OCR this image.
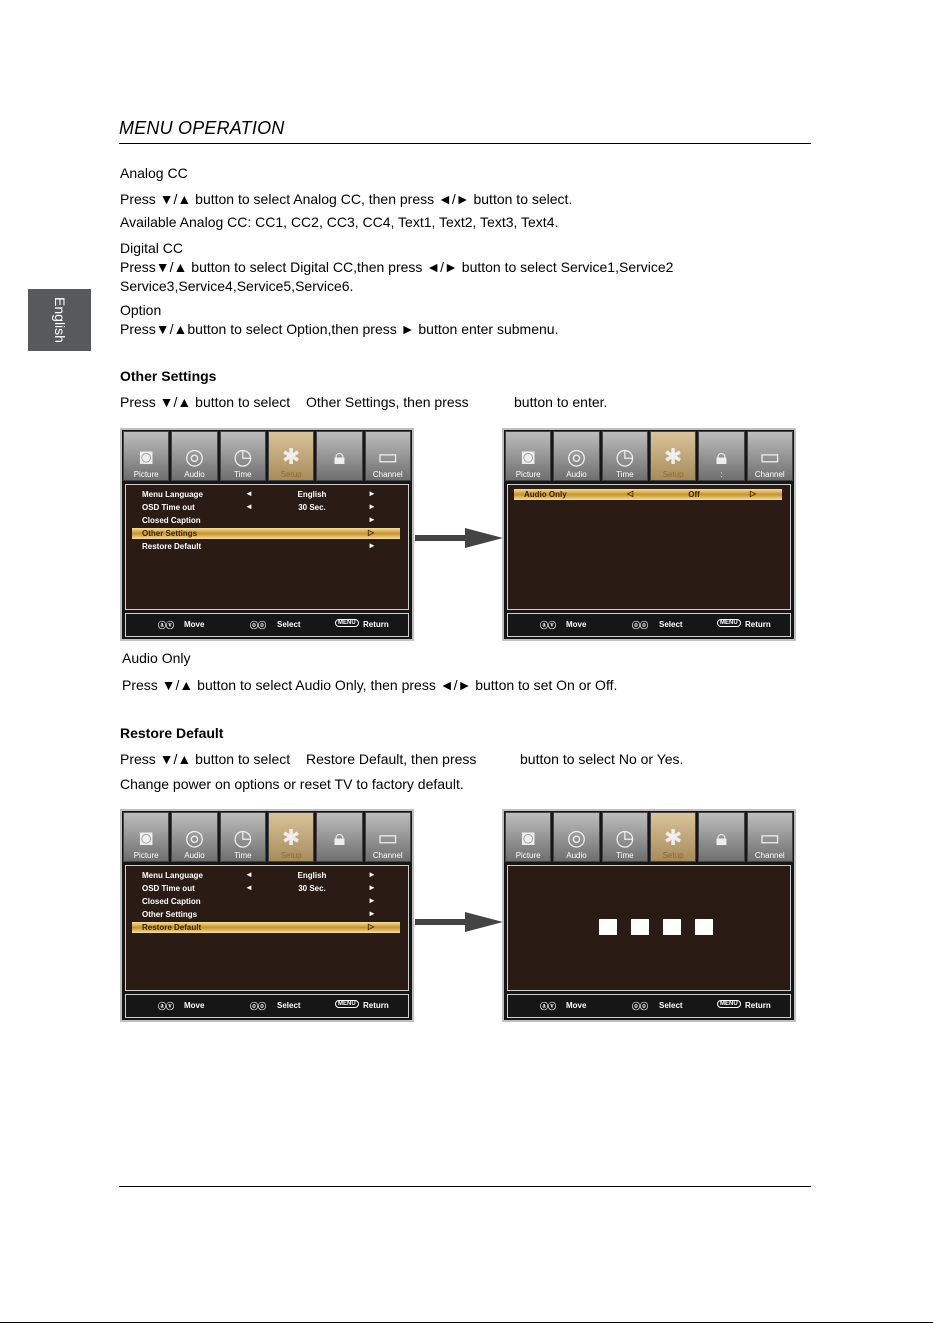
MENU OPERATION
English
Analog CC
Press ▼/▲ button to select Analog CC, then press ◄/► button to select.
Available Analog CC: CC1, CC2, CC3, CC4, Text1, Text2, Text3, Text4.
Digital CC
Press▼/▲ button to select Digital CC,then press ◄/► button to select Service1,Service2
Service3,Service4,Service5,Service6.
Option
Press▼/▲button to select Option,then press ► button enter submenu.
Other Settings
Press ▼/▲ button to select Other Settings, then press	button to enter.
◙
Picture
◎
Audio
◷
Time
✱
Setup
🔒︎ ▭
Channel
Menu Language	◄	English	►
OSD Time out	◄	30 Sec.	►
Closed Caption	►
Other Settings	▷
Restore Default	►
ⓐⓥ Move	ⓞⓞ Select	MENU Return
◙
Picture
◎
Audio
◷
Time
✱
Setup
🔒︎
:
▭
Channel
Audio Only	◁	Off	▷
ⓐⓥ Move	ⓞⓞ Select	MENU Return
Audio Only
Press ▼/▲ button to select Audio Only, then press ◄/► button to set On or Off.
Restore Default
Press ▼/▲ button to select Restore Default, then press	button to select No or Yes.
Change power on options or reset TV to factory default.
◙
Picture
◎
Audio
◷
Time
✱
Setup
🔒︎ ▭
Channel
Menu Language	◄	English	►
OSD Time out	◄	30 Sec.	►
Closed Caption	►
Other Settings	►
Restore Default	▷
ⓐⓥ Move	ⓞⓞ Select	MENU Return
◙
Picture
◎
Audio
◷
Time
✱
Setup
🔒︎ ▭
Channel
ⓐⓥ Move	ⓞⓞ Select	MENU Return
